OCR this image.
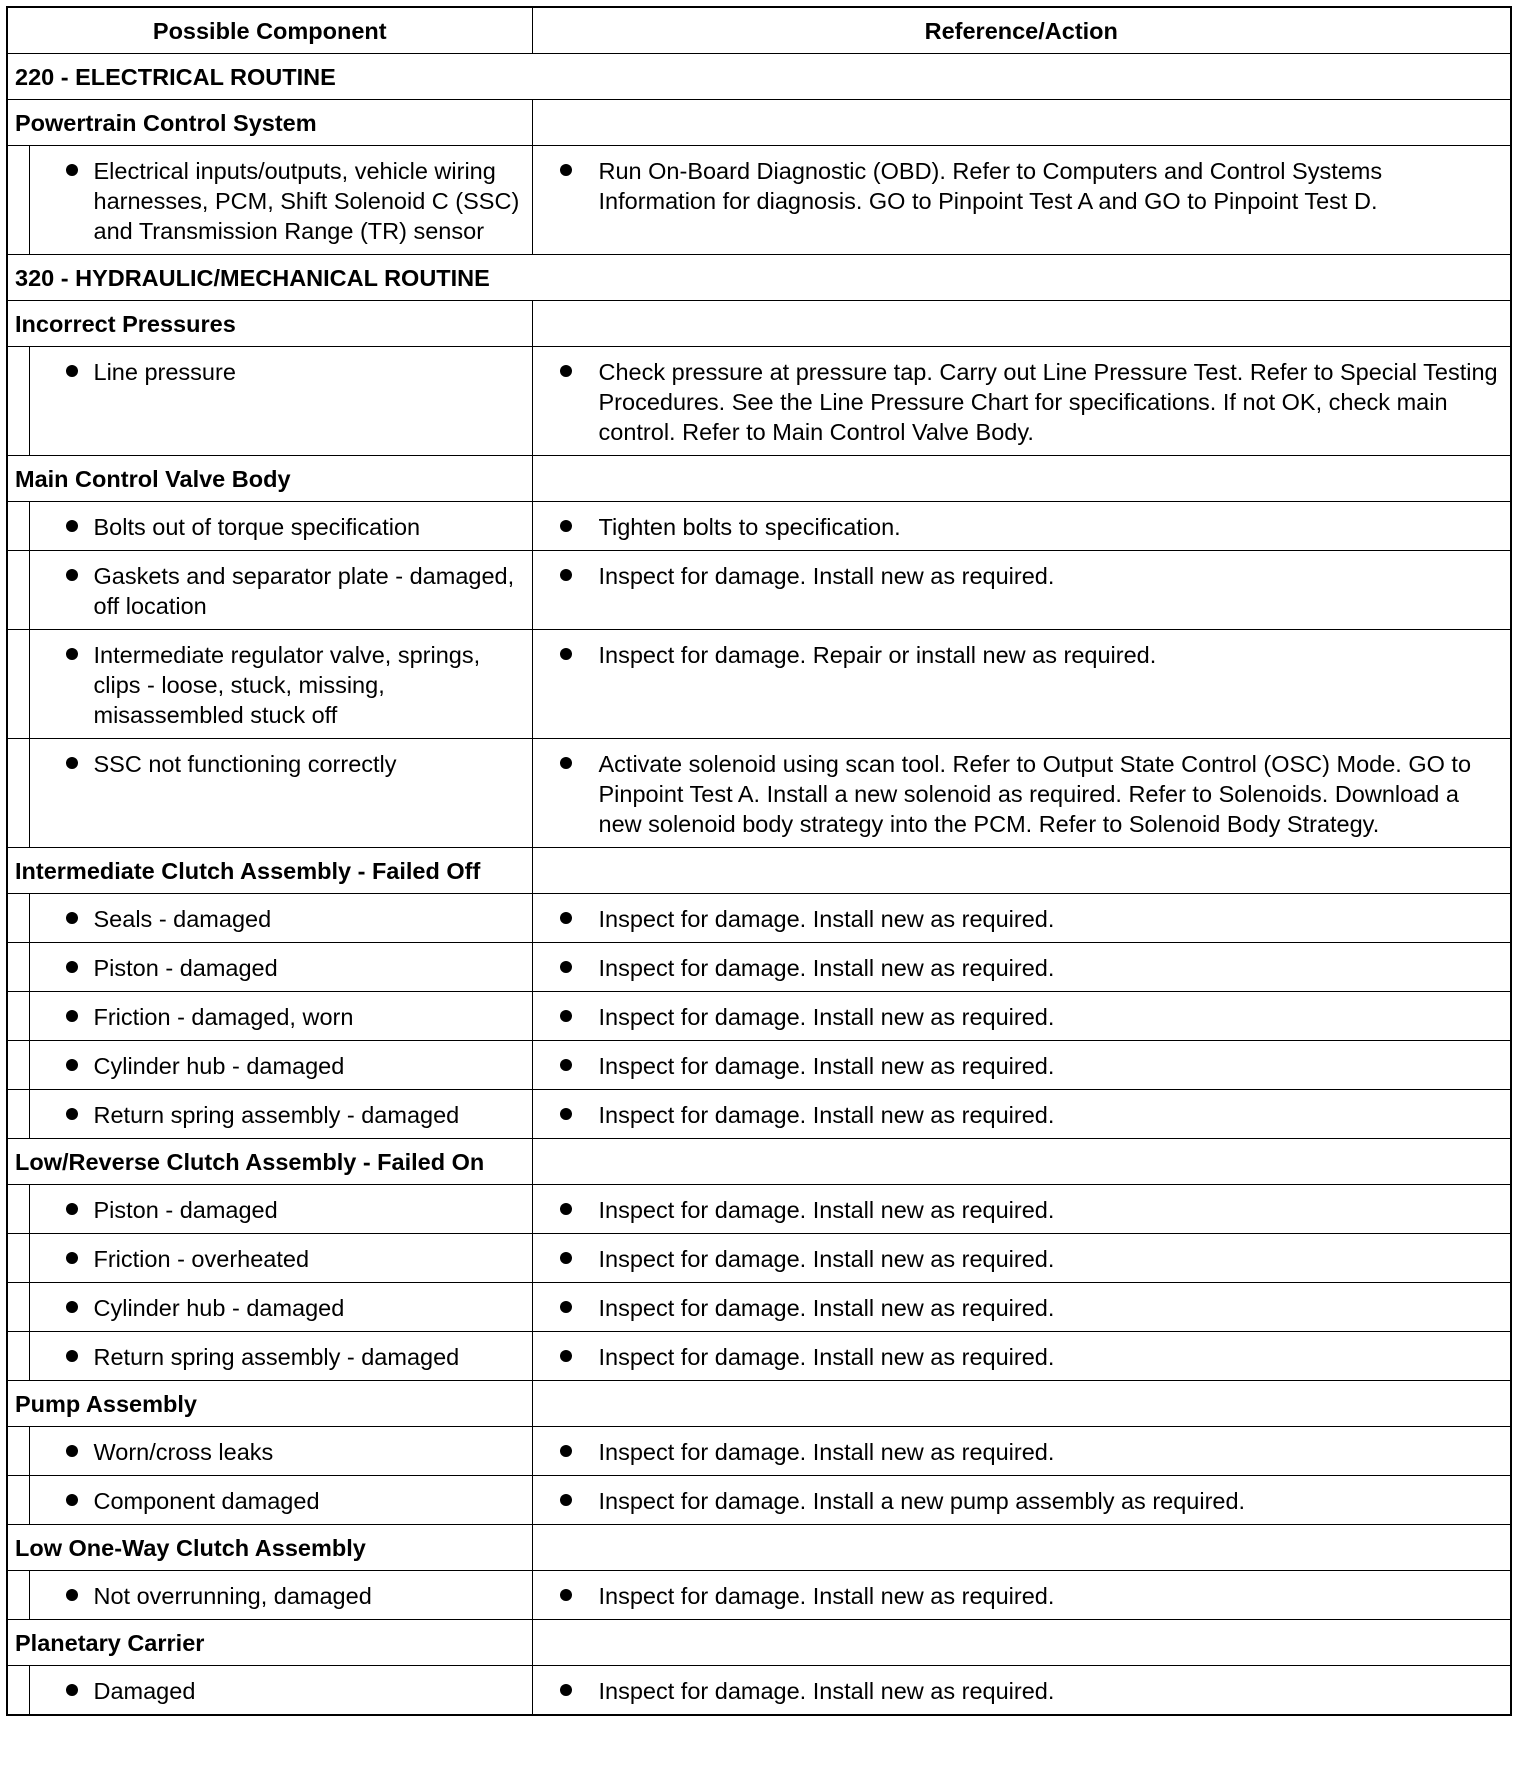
Possible Component		Reference/Action
220 - ELECTRICAL ROUTINE		
Powertrain Control System		

	Electrical inputs/outputs, vehicle wiring harnesses, PCM, Shift Solenoid C (SSC) and Transmission Range (TR) sensor	Run On-Board Diagnostic (OBD). Refer to Computers and Control Systems Information for diagnosis. GO to Pinpoint Test A and GO to Pinpoint Test D.

320 - HYDRAULIC/MECHANICAL ROUTINE		
Incorrect Pressures		

	Line pressure	Check pressure at pressure tap. Carry out Line Pressure Test. Refer to Special Testing Procedures. See the Line Pressure Chart for specifications. If not OK, check main control. Refer to Main Control Valve Body.

Main Control Valve Body		

	Bolts out of torque specification	Tighten bolts to specification.

	Gaskets and separator plate - damaged, off location	Inspect for damage. Install new as required.

	Intermediate regulator valve, springs, clips - loose, stuck, missing, misassembled stuck off	Inspect for damage. Repair or install new as required.

	SSC not functioning correctly	Activate solenoid using scan tool. Refer to Output State Control (OSC) Mode. GO to Pinpoint Test A. Install a new solenoid as required. Refer to Solenoids. Download a new solenoid body strategy into the PCM. Refer to Solenoid Body Strategy.

Intermediate Clutch Assembly - Failed Off		

	Seals - damaged	Inspect for damage. Install new as required.

	Piston - damaged	Inspect for damage. Install new as required.

	Friction - damaged, worn	Inspect for damage. Install new as required.

	Cylinder hub - damaged	Inspect for damage. Install new as required.

	Return spring assembly - damaged	Inspect for damage. Install new as required.

Low/Reverse Clutch Assembly - Failed On		

	Piston - damaged	Inspect for damage. Install new as required.

	Friction - overheated	Inspect for damage. Install new as required.

	Cylinder hub - damaged	Inspect for damage. Install new as required.

	Return spring assembly - damaged	Inspect for damage. Install new as required.

Pump Assembly		

	Worn/cross leaks	Inspect for damage. Install new as required.

	Component damaged	Inspect for damage. Install a new pump assembly as required.

Low One-Way Clutch Assembly		

	Not overrunning, damaged	Inspect for damage. Install new as required.

Planetary Carrier		

	Damaged	Inspect for damage. Install new as required.
